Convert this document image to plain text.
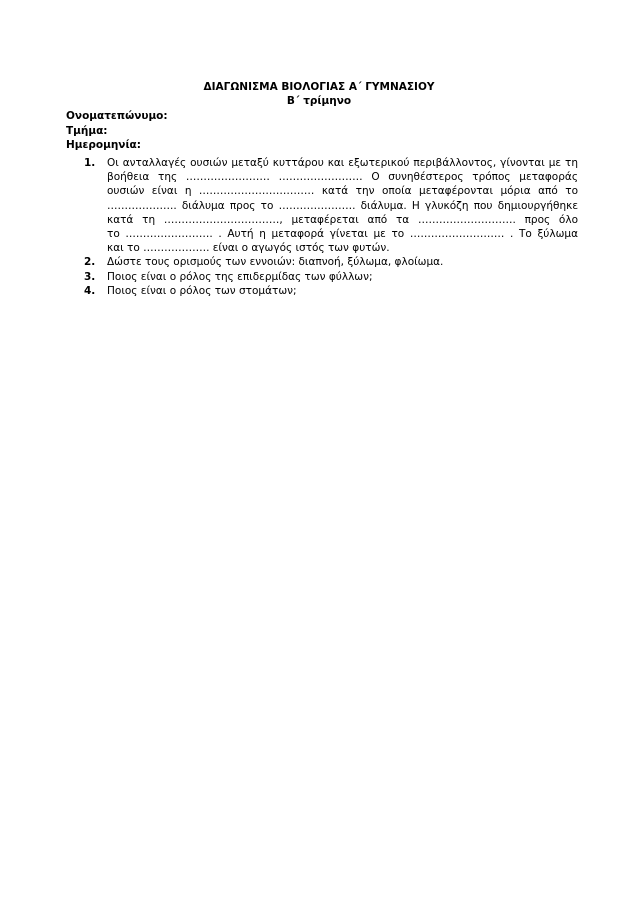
ΔΙΑΓΩΝΙΣΜΑ ΒΙΟΛΟΓΙΑΣ Α΄ ΓΥΜΝΑΣΙΟΥ
Β΄ τρίμηνο
Ονοματεπώνυμο:
Τμήμα:
Ημερομηνία:
1.	Οι ανταλλαγές ουσιών μεταξύ κυττάρου και εξωτερικού περιβάλλοντος, γίνονται με τη
βοήθεια της …………………… …………………… Ο συνηθέστερος τρόπος μεταφοράς
ουσιών είναι η …………………………… κατά την οποία μεταφέρονται μόρια από το
……………….. διάλυμα προς το …………………. διάλυμα. Η γλυκόζη που δημιουργήθηκε
κατά τη ……………………………, μεταφέρεται από τα ………………………. προς όλο
το ……………………. . Αυτή η μεταφορά γίνεται με το ……………………… . Το ξύλωμα
και το ………………. είναι ο αγωγός ιστός των φυτών.
2.	Δώστε τους ορισμούς των εννοιών: διαπνοή, ξύλωμα, φλοίωμα.
3.	Ποιος είναι ο ρόλος της επιδερμίδας των φύλλων;
4.	Ποιος είναι ο ρόλος των στομάτων;
